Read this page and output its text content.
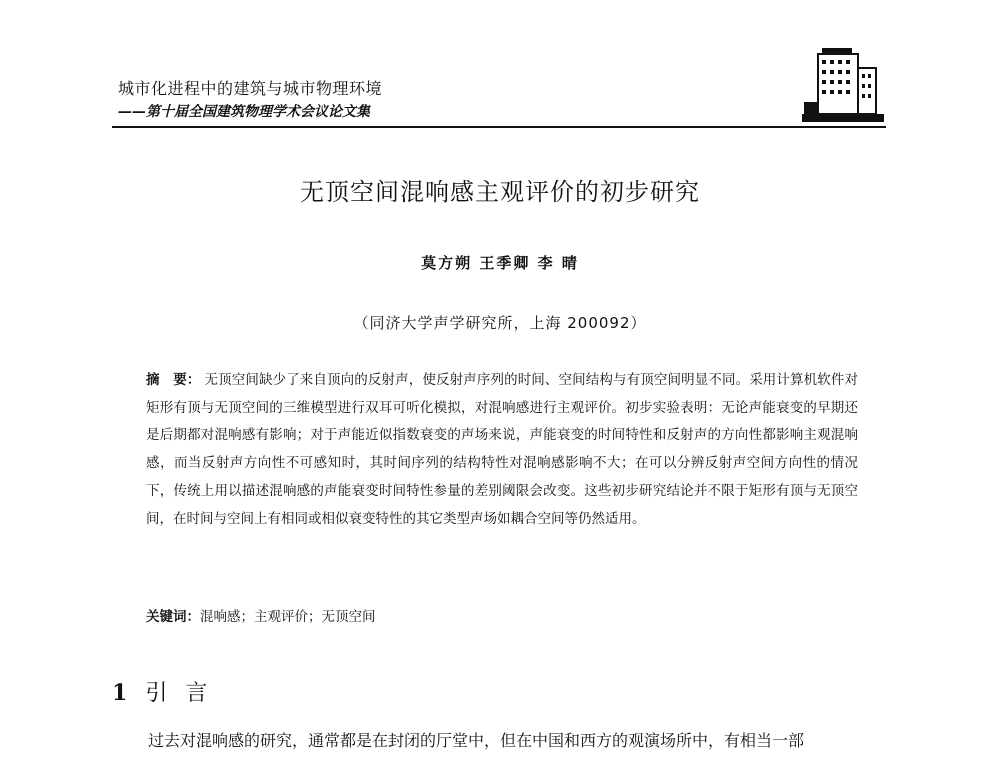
城市化进程中的建筑与城市物理环境
——第十届全国建筑物理学术会议论文集
无顶空间混响感主观评价的初步研究
莫方朔 王季卿 李 晴
（同济大学声学研究所，上海 200092）
摘　要： 无顶空间缺少了来自顶向的反射声，使反射声序列的时间、空间结构与有顶空间明显不同。采用计算机软件对矩形有顶与无顶空间的三维模型进行双耳可听化模拟，对混响感进行主观评价。初步实验表明：无论声能衰变的早期还是后期都对混响感有影响；对于声能近似指数衰变的声场来说，声能衰变的时间特性和反射声的方向性都影响主观混响感，而当反射声方向性不可感知时，其时间序列的结构特性对混响感影响不大；在可以分辨反射声空间方向性的情况下，传统上用以描述混响感的声能衰变时间特性参量的差别阈限会改变。这些初步研究结论并不限于矩形有顶与无顶空间，在时间与空间上有相同或相似衰变特性的其它类型声场如耦合空间等仍然适用。
关键词：混响感；主观评价；无顶空间
1 引言
过去对混响感的研究，通常都是在封闭的厅堂中，但在中国和西方的观演场所中，有相当一部
